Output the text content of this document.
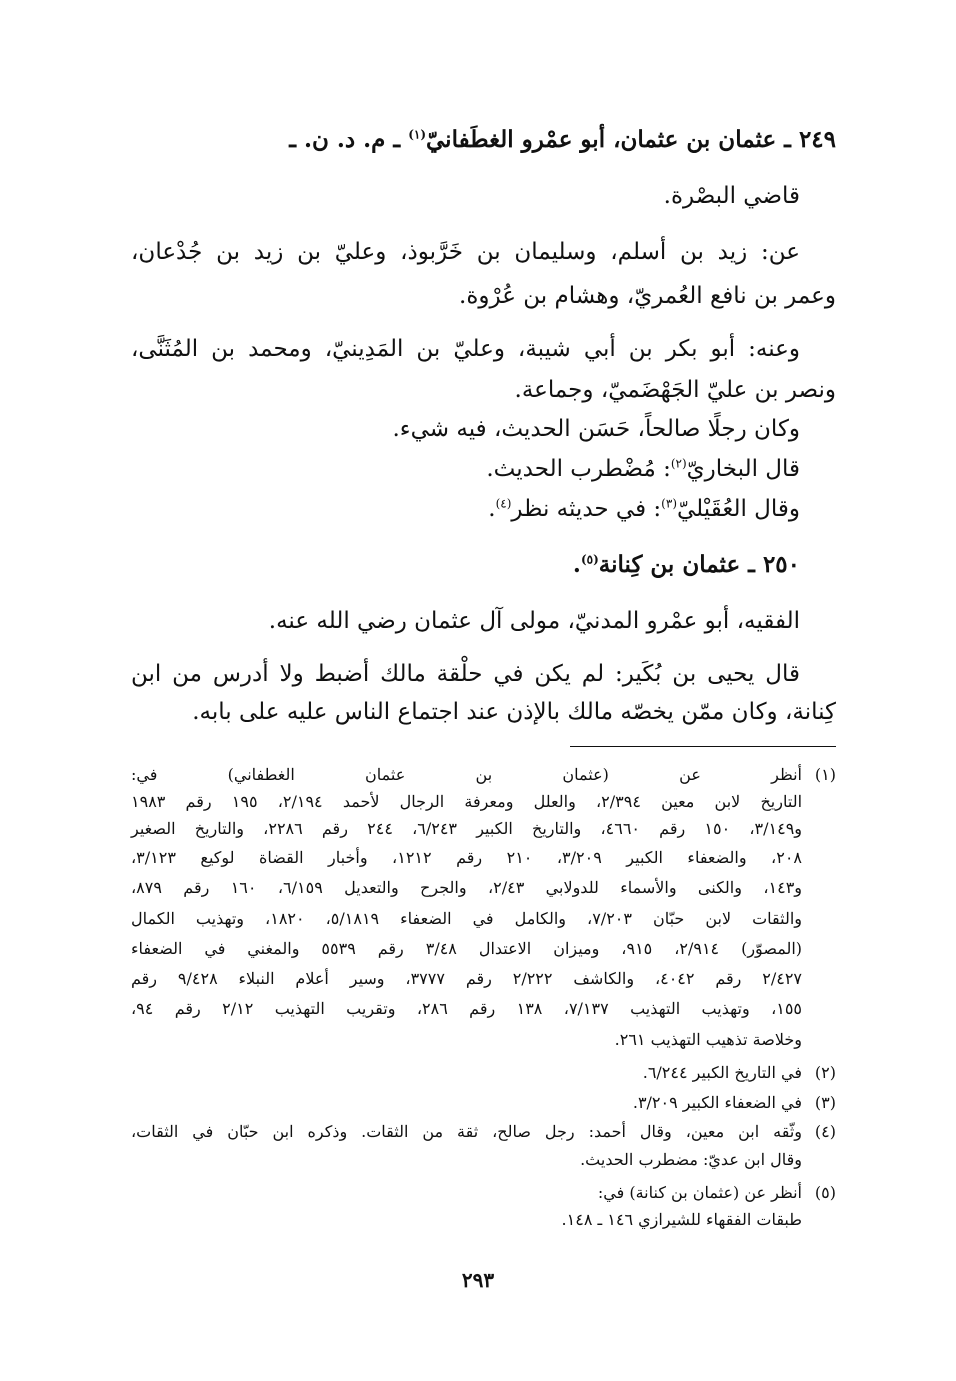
٢٤٩ ـ عثمان بن عثمان، أبو عمْرو الغطَفانيّ$^{(١)}$ ـ م. د. ن. ـ
قاضي البصْرة.
عن: زيد بن أسلم، وسليمان بن خَرَّبوذ، وعليّ بن زيد بن جُدْعان،
وعمر بن نافع العُمريّ، وهشام بن عُرْوة.
وعنه: أبو بكر بن أبي شيبة، وعليّ بن المَدِينيّ، ومحمد بن المُثَنَّى،
ونصر بن عليّ الجَهْضَميّ، وجماعة.
وكان رجلًا صالحاً، حَسَن الحديث، فيه شيء.
قال البخاريّ$^{(٢)}$: مُضْطرب الحديث.
وقال العُقَيْليّ$^{(٣)}$: في حديثه نظر$^{(٤)}$.
٢٥٠ ـ عثمان بن كِنانة$^{(٥)}$.
الفقيه، أبو عمْرو المدنيّ، مولى آل عثمان رضي الله عنه.
قال يحيى بن بُكَير: لم يكن في حلْقة مالك أضبط ولا أدرس من ابن
كِنانة، وكان ممّن يخصّه مالك بالإذن عند اجتماع الناس عليه على بابه.
(١)أنظر عن (عثمان بن عثمان الغطفاني) في:
التاريخ لابن معين ٢/٣٩٤، والعلل ومعرفة الرجال لأحمد ٢/١٩٤، ١٩٥ رقم ١٩٨٣
و٣/١٤٩، ١٥٠ رقم ٤٦٦٠، والتاريخ الكبير ٦/٢٤٣، ٢٤٤ رقم ٢٢٨٦، والتاريخ الصغير
٢٠٨، والضعفاء الكبير ٣/٢٠٩، ٢١٠ رقم ١٢١٢، وأخبار القضاة لوكيع ٣/١٢٣،
و١٤٣، والكنى والأسماء للدولابي ٢/٤٣، والجرح والتعديل ٦/١٥٩، ١٦٠ رقم ٨٧٩،
والثقات لابن حبّان ٧/٢٠٣، والكامل في الضعفاء ٥/١٨١٩، ١٨٢٠، وتهذيب الكمال
(المصوّر) ٢/٩١٤، ٩١٥، وميزان الاعتدال ٣/٤٨ رقم ٥٥٣٩ والمغني في الضعفاء
٢/٤٢٧ رقم ٤٠٤٢، والكاشف ٢/٢٢٢ رقم ٣٧٧٧، وسير أعلام النبلاء ٩/٤٢٨ رقم
١٥٥، وتهذيب التهذيب ٧/١٣٧، ١٣٨ رقم ٢٨٦، وتقريب التهذيب ٢/١٢ رقم ٩٤،
وخلاصة تذهيب التهذيب ٢٦١.
(٢)في التاريخ الكبير ٦/٢٤٤.
(٣)في الضعفاء الكبير ٣/٢٠٩.
(٤)وثّقه ابن معين، وقال أحمد: رجل صالح، ثقة من الثقات. وذكره ابن حبّان في الثقات،
وقال ابن عديّ: مضطرب الحديث.
(٥)أنظر عن (عثمان بن كنانة) في:
طبقات الفقهاء للشيرازي ١٤٦ ـ ١٤٨.
٢٩٣
